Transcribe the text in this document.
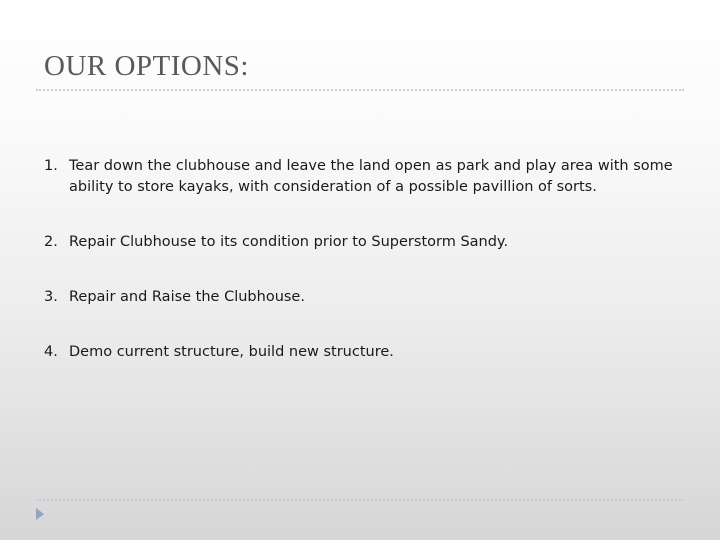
OUR OPTIONS:
1. Tear down the clubhouse and leave the land open as park and play area with some ability to store kayaks, with consideration of a possible pavillion of sorts.
2. Repair Clubhouse to its condition prior to Superstorm Sandy.
3. Repair and Raise the Clubhouse.
4. Demo current structure, build new structure.
